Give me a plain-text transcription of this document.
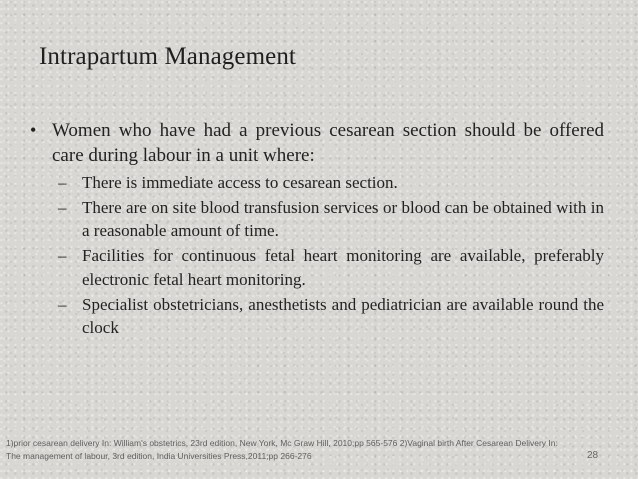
Intrapartum Management
• Women who have had a previous cesarean section should be offered care during labour in a unit where:
– There is immediate access to cesarean section.
– There are on site blood transfusion services or blood can be obtained with in a reasonable amount of time.
– Facilities for continuous fetal heart monitoring are available, preferably electronic fetal heart monitoring.
– Specialist obstetricians, anesthetists and pediatrician are available round the clock
1)prior cesarean delivery In: William's obstetrics, 23rd edition, New York, Mc Graw Hill, 2010;pp 565-576 2)Vaginal birth After Cesarean Delivery In: The management of labour, 3rd edition, India Universities Press,2011;pp 266-276	28
